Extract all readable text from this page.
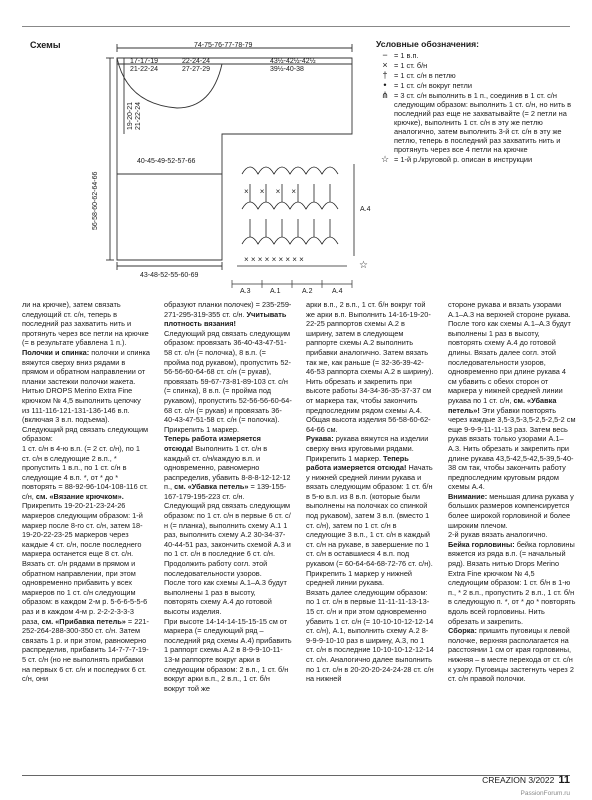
Схемы
× × × × × × × × ×
×     ×     ×     ×
☆
74-75-76-77-78-79
17-17-19
21-22-24
22-24-24
27-27-29
43½-42½-42½
39½-40-38
40-45-49-52-57-66
43-48-52-55-60-69
56-58-60-62-64-66
19-20-21
21-22-24
A.3	A.1	A.2	A.4
A.4
Условные обозначения:
− = 1 в.п.
× = 1 ст. б/н
† = 1 ст. с/н в петлю
•	= 1 ст. с/н вокруг петли
⋔ = 3 ст. с/н выполнить в 1 п., соединив в 1 ст. с/н следующим образом: выполнить 1 ст. с/н, но нить в последний раз еще не захватывайте (= 2 петли на крючке), выполнить 1 ст. с/н в эту же петлю аналогично, затем выполнить 3-й ст. с/н в эту же петлю, теперь в последний раз захватить нить и протянуть через все 4 петли на крючке
☆ = 1-й р./круговой р. описан в инструкции
ли на крючке), затем связать следующий ст. с/н, теперь в последний раз захватить нить и протянуть через все петли на крючке (= в результате убавлена 1 п.).
Полочки и спинка: полочки и спинка вяжутся сверху вниз рядами в прямом и обратном направлении от планки застежки полочки жакета.
Нитью DROPS Merino Extra Fine крючком № 4,5 выполнить цепочку из 111-116-121-131-136-146 в.п. (включая 3 в.п. подъема).
Следующий ряд связать следующим образом:
1 ст. с/н в 4-ю в.п. (= 2 ст. с/н), по 1 ст. с/н в следующие 2 в.п., * пропустить 1 в.п., по 1 ст. с/н в следующие 4 в.п. *, от * до * повторять = 88-92-96-104-108-116 ст. с/н, см. «Вязание крючком».
Прикрепить 19-20-21-23-24-26 маркеров следующим образом: 1-й маркер после 8-го ст. с/н, затем 18-19-20-22-23-25 маркеров через каждые 4 ст. с/н, после последнего маркера останется еще 8 ст. с/н. Вязать ст. с/н рядами в прямом и обратном направлении, при этом одновременно прибавить у всех маркеров по 1 ст. с/н следующим образом: в каждом 2-м р. 5-6-6-5-5-6 раз и в каждом 4-м р. 2-2-2-3-3-3 раза, см. «Прибавка петель» = 221-252-264-288-300-350 ст. с/н. Затем связать 1 р. и при этом, равномерно распределив, прибавить 14-7-7-7-19-5 ст. с/н (но не выполнять прибавки на первых 6 ст. с/н и последних 6 ст. с/н, они
образуют планки полочек) = 235-259-271-295-319-355 ст. с/н. Учитывать плотность вязания!
Следующий ряд связать следующим образом: провязать 36-40-43-47-51-58 ст. с/н (= полочка), 8 в.п. (= пройма под рукавом), пропустить 52-56-56-60-64-68 ст. с/н (= рукав), провязать 59-67-73-81-89-103 ст. с/н (= спинка), 8 в.п. (= пройма под рукавом), пропустить 52-56-56-60-64-68 ст. с/н (= рукав) и провязать 36-40-43-47-51-58 ст. с/н (= полочка). Прикрепить 1 маркер.
Теперь работа измеряется отсюда! Выполнить 1 ст. с/н в каждый ст. с/н/каждую в.п. и одновременно, равномерно распределив, убавить 8-8-8-12-12-12 п., см. «Убавка петель» = 139-155-167-179-195-223 ст. с/н.
Следующий ряд связать следующим образом: по 1 ст. с/н в первые 6 ст. с/н (= планка), выполнить схему А.1 1 раз, выполнить схему А.2 30-34-37-40-44-51 раз, закончить схемой А.3 и по 1 ст. с/н в последние 6 ст. с/н. Продолжить работу согл. этой последовательности узоров.
После того как схемы А.1–А.3 будут выполнены 1 раз в высоту, повторять схему А.4 до готовой высоты изделия.
При высоте 14-14-14-15-15-15 см от маркера (= следующий ряд – последний ряд схемы А.4) прибавить 1 раппорт схемы А.2 в 8-9-9-10-11-13-м раппорте вокруг арки в следующим образом: 2 в.п., 1 ст. б/н вокруг арки в.п., 2 в.п., 1 ст. б/н вокруг той же
арки в.п., 2 в.п., 1 ст. б/н вокруг той же арки в.п. Выполнить 14-16-19-20-22-25 раппортов схемы А.2 в ширину, затем в следующем раппорте схемы А.2 выполнить прибавки аналогично. Затем вязать так же, как раньше (= 32-36-39-42-46-53 раппорта схемы А.2 в ширину). Нить обрезать и закрепить при высоте работы 34-34-36-35-37-37 см от маркера так, чтобы закончить предпоследним рядом схемы А.4. Общая высота изделия 56-58-60-62-64-66 см.
Рукава: рукава вяжутся на изделии сверху вниз круговыми рядами. Прикрепить 1 маркер. Теперь работа измеряется отсюда! Начать у нижней средней линии рукава и вязать следующим образом: 1 ст. б/н в 5-ю в.п. из 8 в.п. (которые были выполнены на полочках со спинкой под рукавом), затем 3 в.п. (вместо 1 ст. с/н), затем по 1 ст. с/н в следующие 3 в.п., 1 ст. с/н в каждый ст. с/н на рукаве, в завершение по 1 ст. с/н в оставшиеся 4 в.п. под рукавом (= 60-64-64-68-72-76 ст. с/н). Прикрепить 1 маркер у нижней средней линии рукава.
Вязать далее следующим образом: по 1 ст. с/н в первые 11-11-11-13-13-15 ст. с/н и при этом одновременно убавить 1 ст. с/н (= 10-10-10-12-12-14 ст. с/н), А.1, выполнить схему А.2 8-9-9-9-10-10 раз в ширину, А.3, по 1 ст. с/н в последние 10-10-10-12-12-14 ст. с/н. Аналогично далее выполнить по 1 ст. с/н в 20-20-20-24-24-28 ст. с/н на нижней
стороне рукава и вязать узорами А.1–А.3 на верхней стороне рукава. После того как схемы А.1–А.3 будут выполнены 1 раз в высоту, повторять схему А.4 до готовой длины. Вязать далее согл. этой последовательности узоров, одновременно при длине рукава 4 см убавить с обеих сторон от маркера у нижней средней линии рукава по 1 ст. с/н, см. «Убавка петель»! Эти убавки повторять через каждые 3,5-3,5-3,5-2,5-2,5-2 см еще 9-9-9-11-11-13 раз. Затем весь рукав вязать только узорами А.1–А.3. Нить обрезать и закрепить при длине рукава 43,5-42,5-42,5-39,5-40-38 см так, чтобы закончить работу предпоследним круговым рядом схемы А.4.
Внимание: меньшая длина рукава у больших размеров компенсируется более широкой горловиной и более широким плечом.
2-й рукав вязать аналогично.
Бейка горловины: бейка горловины вяжется из ряда в.п. (= начальный ряд). Вязать нитью Drops Merino Extra Fine крючком № 4,5 следующим образом: 1 ст. б/н в 1-ю п., * 2 в.п., пропустить 2 в.п., 1 ст. б/н в следующую п. *, от * до * повторять вдоль всей горловины. Нить обрезать и закрепить.
Сборка: пришить пуговицы к левой полочке, верхняя располагается на расстоянии 1 см от края горловины, нижняя – в месте перехода от ст. с/н к узору. Пуговицы застегнуть через 2 ст. с/н правой полочки.
CREAZION 3/2022 11
PassionForum.ru
